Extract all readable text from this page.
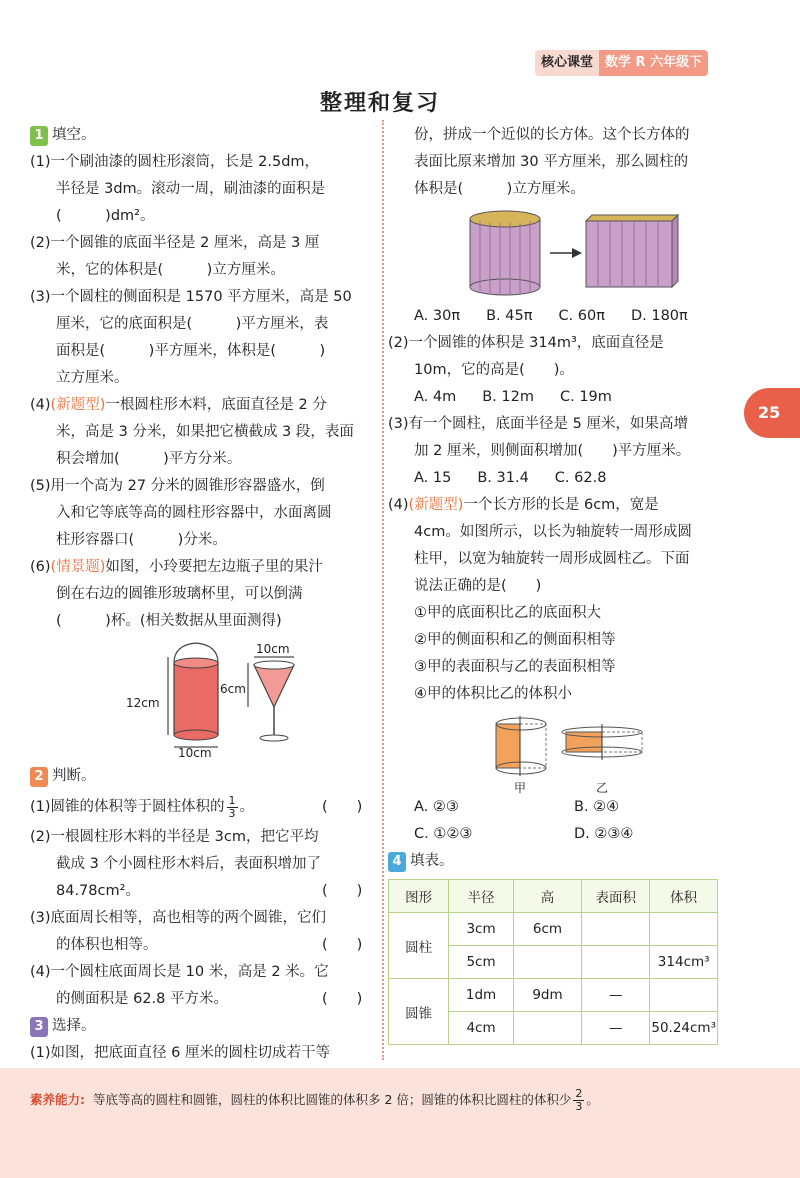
核心课堂 数学 R 六年级下
整理和复习
25
1 填空。
(1)一个刷油漆的圆柱形滚筒，长是 2.5dm，
半径是 3dm。滚动一周，刷油漆的面积是
(　　　)dm²。
(2)一个圆锥的底面半径是 2 厘米，高是 3 厘
米，它的体积是(　　　)立方厘米。
(3)一个圆柱的侧面积是 1570 平方厘米，高是 50
厘米，它的底面积是(　　　)平方厘米，表
面积是(　　　)平方厘米，体积是(　　　)
立方厘米。
(4)(新题型)一根圆柱形木料，底面直径是 2 分
米，高是 3 分米，如果把它横截成 3 段，表面
积会增加(　　　)平方分米。
(5)用一个高为 27 分米的圆锥形容器盛水，倒
入和它等底等高的圆柱形容器中，水面离圆
柱形容器口(　　　)分米。
(6)(情景题)如图，小玲要把左边瓶子里的果汁
倒在右边的圆锥形玻璃杯里，可以倒满
(　　　)杯。(相关数据从里面测得)
12cm
10cm
10cm
6cm
2 判断。
(1)圆锥的体积等于圆柱体积的 $\frac{1}{3}$ 。	(　　)
(2)一根圆柱形木料的半径是 3cm，把它平均
截成 3 个小圆柱形木料后，表面积增加了
84.78cm²。	(　　)
(3)底面周长相等，高也相等的两个圆锥，它们
的体积也相等。	(　　)
(4)一个圆柱底面周长是 10 米，高是 2 米。它
的侧面积是 62.8 平方米。	(　　)
3 选择。
(1)如图，把底面直径 6 厘米的圆柱切成若干等
份，拼成一个近似的长方体。这个长方体的
表面比原来增加 30 平方厘米，那么圆柱的
体积是(　　　)立方厘米。
A. 30π B. 45π C. 60π D. 180π
(2)一个圆锥的体积是 314m³，底面直径是
10m，它的高是(　　)。
A. 4m B. 12m C. 19m
(3)有一个圆柱，底面半径是 5 厘米，如果高增
加 2 厘米，则侧面积增加(　　)平方厘米。
A. 15 B. 31.4 C. 62.8
(4)(新题型)一个长方形的长是 6cm，宽是
4cm。如图所示，以长为轴旋转一周形成圆
柱甲，以宽为轴旋转一周形成圆柱乙。下面
说法正确的是(　　)
①甲的底面积比乙的底面积大
②甲的侧面积和乙的侧面积相等
③甲的表面积与乙的表面积相等
④甲的体积比乙的体积小
甲	乙
A. ②③	B. ②④
C. ①②③	D. ②③④
4 填表。
图形	半径	高	表面积	体积
圆柱	3cm	6cm		
	5cm			314cm³
圆锥	1dm	9dm	—	
	4cm		—	50.24cm³
素养能力: 等底等高的圆柱和圆锥，圆柱的体积比圆锥的体积多 2 倍；圆锥的体积比圆柱的体积少 $\frac{2}{3}$ 。
